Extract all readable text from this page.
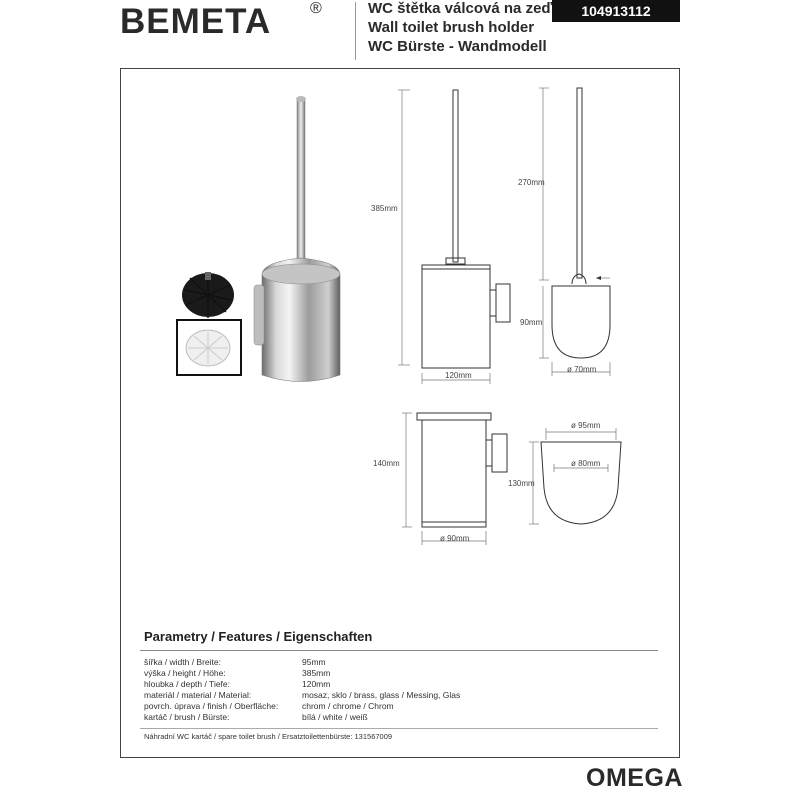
BEMETA ®	WC štětka válcová na zeď
Wall toilet brush holder
WC Bürste - Wandmodell
104913112
385mm
120mm
270mm
90mm
ø 70mm
140mm
ø 90mm
ø 95mm
ø 80mm
130mm
Parametry / Features / Eigenschaften
šířka / width / Breite:	95mm
výška / height / Höhe:	385mm
hloubka / depth / Tiefe:	120mm
materiál / material / Material:	mosaz, sklo / brass, glass / Messing, Glas
povrch. úprava / finish / Oberfläche:	chrom / chrome / Chrom
kartáč / brush / Bürste:	bílá / white / weiß
Náhradní WC kartáč / spare toilet brush / Ersatztoilettenbürste: 131567009
OMEGA
